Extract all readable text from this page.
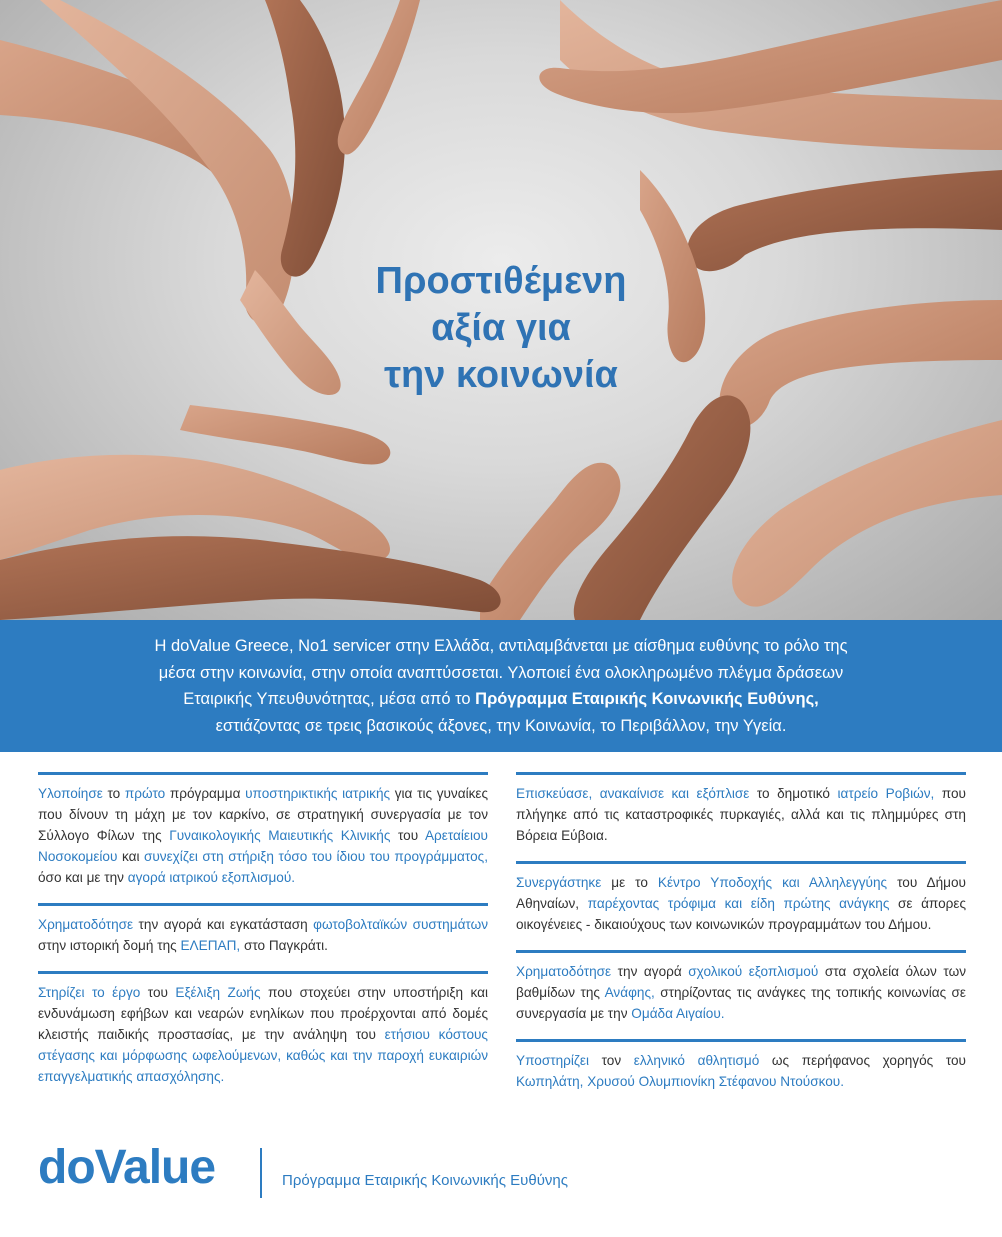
Προστιθέμενη
αξία για
την κοινωνία
Η doValue Greece, No1 servicer στην Ελλάδα, αντιλαμβάνεται με αίσθημα ευθύνης το ρόλο της
μέσα στην κοινωνία, στην οποία αναπτύσσεται. Υλοποιεί ένα ολοκληρωμένο πλέγμα δράσεων
Εταιρικής Υπευθυνότητας, μέσα από το Πρόγραμμα Εταιρικής Κοινωνικής Ευθύνης,
εστιάζοντας σε τρεις βασικούς άξονες, την Κοινωνία, το Περιβάλλον, την Υγεία.
Υλοποίησε το πρώτο πρόγραμμα υποστηρικτικής ιατρικής για τις γυναίκες που δίνουν τη μάχη με τον καρκίνο, σε στρατηγική συνεργασία με τον Σύλλογο Φίλων της Γυναικολογικής Μαιευτικής Κλινικής του Αρεταίειου Νοσοκομείου και συνεχίζει στη στήριξη τόσο του ίδιου του προγράμματος, όσο και με την αγορά ιατρικού εξοπλισμού.
Χρηματοδότησε την αγορά και εγκατάσταση φωτοβολταϊκών συστημάτων στην ιστορική δομή της ΕΛΕΠΑΠ, στο Παγκράτι.
Στηρίζει το έργο του Εξέλιξη Ζωής που στοχεύει στην υποστήριξη και ενδυνάμωση εφήβων και νεαρών ενηλίκων που προέρχονται από δομές κλειστής παιδικής προστασίας, με την ανάληψη του ετήσιου κόστους στέγασης και μόρφωσης ωφελούμενων, καθώς και την παροχή ευκαιριών επαγγελματικής απασχόλησης.
Επισκεύασε, ανακαίνισε και εξόπλισε το δημοτικό ιατρείο Ροβιών, που πλήγηκε από τις καταστροφικές πυρκαγιές, αλλά και τις πλημμύρες στη Βόρεια Εύβοια.
Συνεργάστηκε με το Κέντρο Υποδοχής και Αλληλεγγύης του Δήμου Αθηναίων, παρέχοντας τρόφιμα και είδη πρώτης ανάγκης σε άπορες οικογένειες - δικαιούχους των κοινωνικών προγραμμάτων του Δήμου.
Χρηματοδότησε την αγορά σχολικού εξοπλισμού στα σχολεία όλων των βαθμίδων της Ανάφης, στηρίζοντας τις ανάγκες της τοπικής κοινωνίας σε συνεργασία με την Ομάδα Αιγαίου.
Υποστηρίζει τον ελληνικό αθλητισμό ως περήφανος χορηγός του Κωπηλάτη, Χρυσού Ολυμπιονίκη Στέφανου Ντούσκου.
doValue	Πρόγραμμα Εταιρικής Κοινωνικής Ευθύνης
